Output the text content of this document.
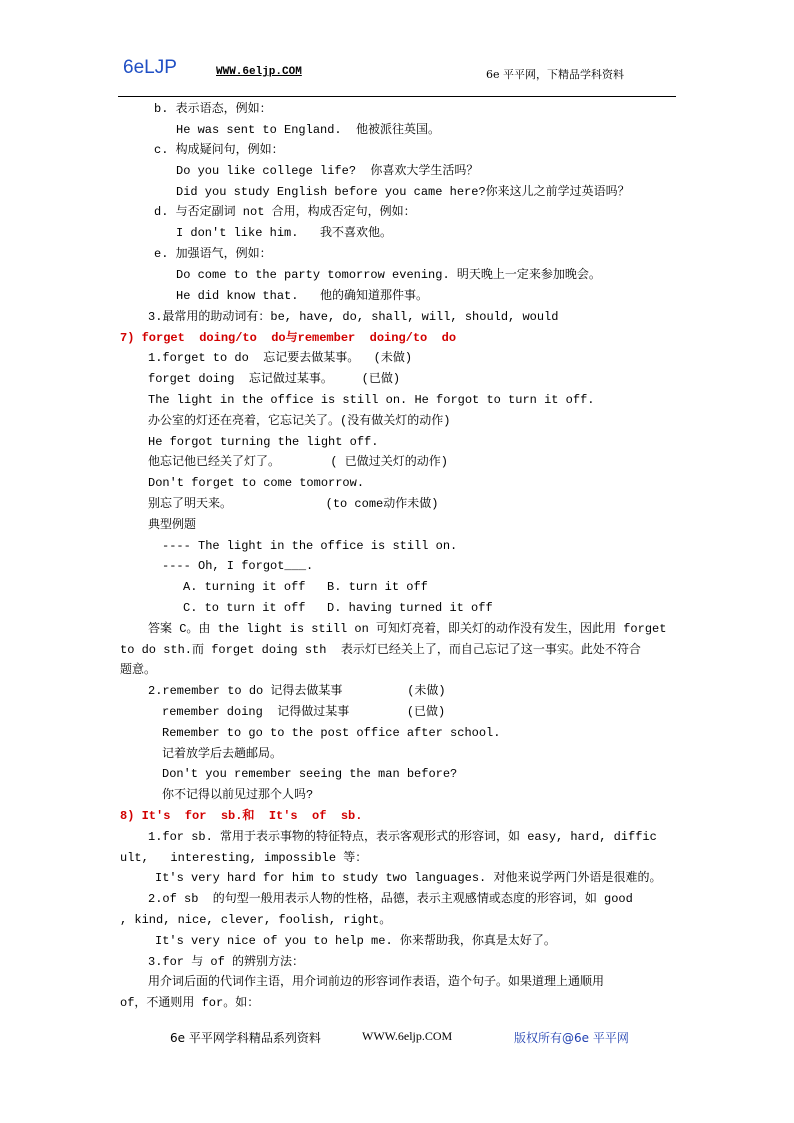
6eLJP	WWW.6eljp.COM	6e 平平网，下精品学科资料
b. 表示语态，例如：
He was sent to England.  他被派往英国。
c. 构成疑问句，例如：
Do you like college life?  你喜欢大学生活吗？
Did you study English before you came here?你来这儿之前学过英语吗？
d. 与否定副词 not 合用，构成否定句，例如：
I don't like him.   我不喜欢他。
e. 加强语气，例如：
Do come to the party tomorrow evening. 明天晚上一定来参加晚会。
He did know that.   他的确知道那件事。
3.最常用的助动词有：be, have, do, shall, will, should, would
7) forget  doing/to  do与remember  doing/to  do
1.forget to do  忘记要去做某事。  (未做)
forget doing  忘记做过某事。    (已做)
The light in the office is still on. He forgot to turn it off.
办公室的灯还在亮着，它忘记关了。(没有做关灯的动作)
He forgot turning the light off.
他忘记他已经关了灯了。       ( 已做过关灯的动作)
Don't forget to come tomorrow.
别忘了明天来。             (to come动作未做)
典型例题
---- The light in the office is still on.
---- Oh, I forgot___.
A. turning it off   B. turn it off
C. to turn it off   D. having turned it off
答案 C。由 the light is still on 可知灯亮着，即关灯的动作没有发生，因此用 forget
to do sth.而 forget doing sth  表示灯已经关上了，而自己忘记了这一事实。此处不符合
题意。
2.remember to do 记得去做某事         (未做)
remember doing  记得做过某事        (已做)
Remember to go to the post office after school.
记着放学后去趟邮局。
Don't you remember seeing the man before?
你不记得以前见过那个人吗?
8) It's  for  sb.和  It's  of  sb.
1.for sb. 常用于表示事物的特征特点，表示客观形式的形容词，如 easy, hard, diffic
ult,   interesting, impossible 等：
It's very hard for him to study two languages. 对他来说学两门外语是很难的。
2.of sb  的句型一般用表示人物的性格，品德，表示主观感情或态度的形容词，如 good
, kind, nice, clever, foolish, right。
It's very nice of you to help me. 你来帮助我，你真是太好了。
3.for 与 of 的辨别方法：
用介词后面的代词作主语，用介词前边的形容词作表语，造个句子。如果道理上通顺用
of，不通则用 for。如：
6e 平平网学科精品系列资料	WWW.6eljp.COM	版权所有@6e 平平网
